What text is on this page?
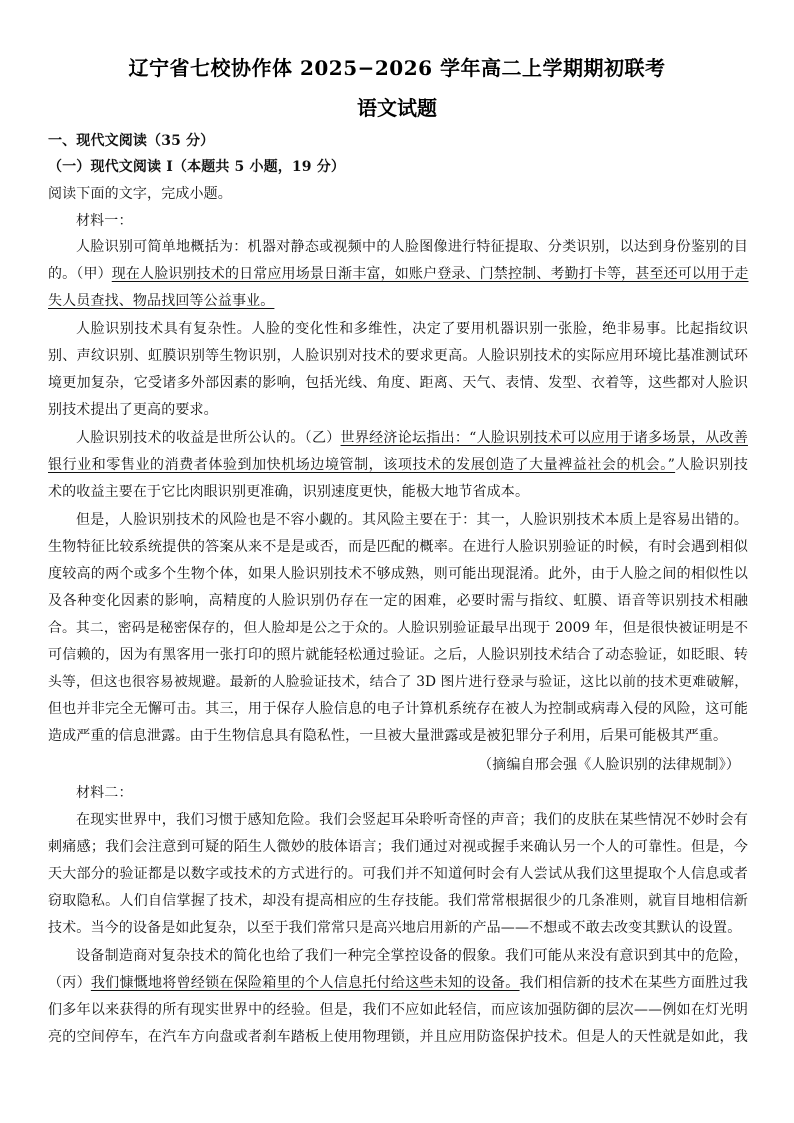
辽宁省七校协作体 2025−2026 学年高二上学期期初联考
语文试题
一、现代文阅读（35 分）
（一）现代文阅读 I（本题共 5 小题，19 分）
阅读下面的文字，完成小题。
材料一：
人脸识别可简单地概括为：机器对静态或视频中的人脸图像进行特征提取、分类识别，以达到身份鉴别的目
的。（甲）现在人脸识别技术的日常应用场景日渐丰富，如账户登录、门禁控制、考勤打卡等，甚至还可以用于走
失人员查找、物品找回等公益事业。
人脸识别技术具有复杂性。人脸的变化性和多维性，决定了要用机器识别一张脸，绝非易事。比起指纹识
别、声纹识别、虹膜识别等生物识别，人脸识别对技术的要求更高。人脸识别技术的实际应用环境比基准测试环
境更加复杂，它受诸多外部因素的影响，包括光线、角度、距离、天气、表情、发型、衣着等，这些都对人脸识
别技术提出了更高的要求。
人脸识别技术的收益是世所公认的。（乙）世界经济论坛指出：“人脸识别技术可以应用于诸多场景，从改善
银行业和零售业的消费者体验到加快机场边境管制，该项技术的发展创造了大量裨益社会的机会。”人脸识别技
术的收益主要在于它比肉眼识别更准确，识别速度更快，能极大地节省成本。
但是，人脸识别技术的风险也是不容小觑的。其风险主要在于：其一，人脸识别技术本质上是容易出错的。
生物特征比较系统提供的答案从来不是是或否，而是匹配的概率。在进行人脸识别验证的时候，有时会遇到相似
度较高的两个或多个生物个体，如果人脸识别技术不够成熟，则可能出现混淆。此外，由于人脸之间的相似性以
及各种变化因素的影响，高精度的人脸识别仍存在一定的困难，必要时需与指纹、虹膜、语音等识别技术相融
合。其二，密码是秘密保存的，但人脸却是公之于众的。人脸识别验证最早出现于 2009 年，但是很快被证明是不
可信赖的，因为有黑客用一张打印的照片就能轻松通过验证。之后，人脸识别技术结合了动态验证，如眨眼、转
头等，但这也很容易被规避。最新的人脸验证技术，结合了 3D 图片进行登录与验证，这比以前的技术更难破解，
但也并非完全无懈可击。其三，用于保存人脸信息的电子计算机系统存在被人为控制或病毒入侵的风险，这可能
造成严重的信息泄露。由于生物信息具有隐私性，一旦被大量泄露或是被犯罪分子利用，后果可能极其严重。
（摘编自邢会强《人脸识别的法律规制》）
材料二：
在现实世界中，我们习惯于感知危险。我们会竖起耳朵聆听奇怪的声音；我们的皮肤在某些情况不妙时会有
刺痛感；我们会注意到可疑的陌生人微妙的肢体语言；我们通过对视或握手来确认另一个人的可靠性。但是，今
天大部分的验证都是以数字或技术的方式进行的。可我们并不知道何时会有人尝试从我们这里提取个人信息或者
窃取隐私。人们自信掌握了技术，却没有提高相应的生存技能。我们常常根据很少的几条准则，就盲目地相信新
技术。当今的设备是如此复杂，以至于我们常常只是高兴地启用新的产品——不想或不敢去改变其默认的设置。
设备制造商对复杂技术的简化也给了我们一种完全掌控设备的假象。我们可能从来没有意识到其中的危险，
（丙）我们慷慨地将曾经锁在保险箱里的个人信息托付给这些未知的设备。我们相信新的技术在某些方面胜过我
们多年以来获得的所有现实世界中的经验。但是，我们不应如此轻信，而应该加强防御的层次——例如在灯光明
亮的空间停车，在汽车方向盘或者刹车踏板上使用物理锁，并且应用防盗保护技术。但是人的天性就是如此，我
